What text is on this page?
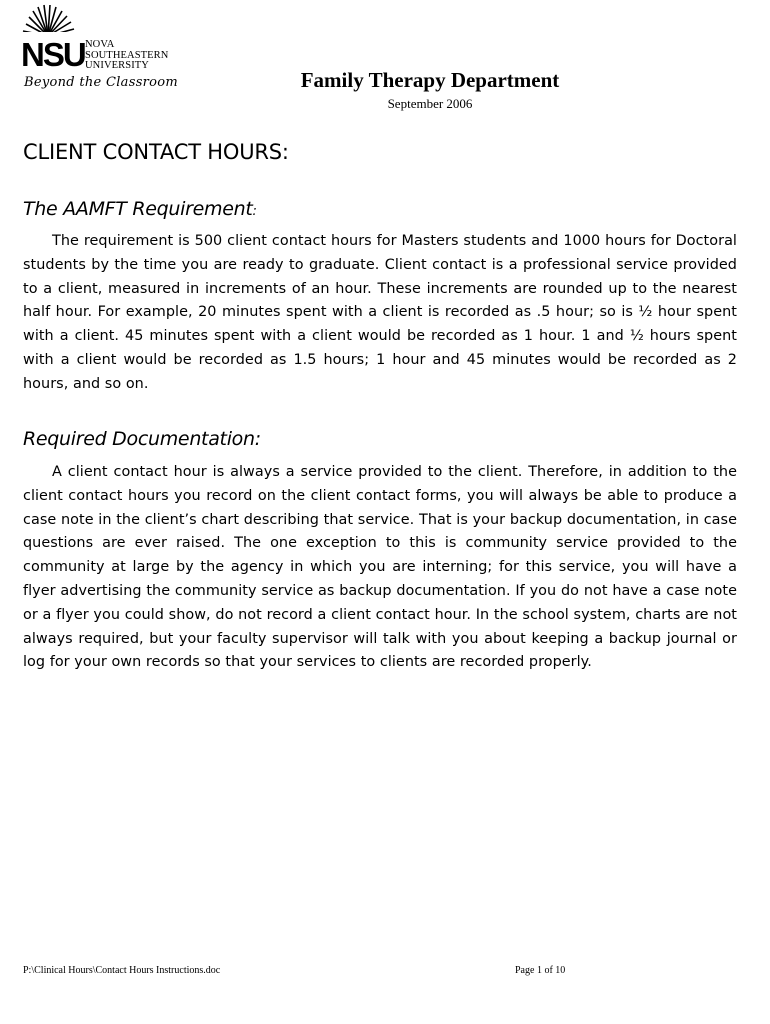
NSU NOVA
SOUTHEASTERN
UNIVERSITY
Beyond the Classroom	Family Therapy Department
September 2006
CLIENT CONTACT HOURS:
The AAMFT Requirement:

The requirement is 500 client contact hours for Masters students and 1000 hours for Doctoral students by the time you are ready to graduate. Client contact is a professional service provided to a client, measured in increments of an hour. These increments are rounded up to the nearest half hour. For example, 20 minutes spent with a client is recorded as .5 hour; so is ½ hour spent with a client. 45 minutes spent with a client would be recorded as 1 hour. 1 and ½ hours spent with a client would be recorded as 1.5 hours; 1 hour and 45 minutes would be recorded as 2 hours, and so on.

Required Documentation:

A client contact hour is always a service provided to the client. Therefore, in addition to the client contact hours you record on the client contact forms, you will always be able to produce a case note in the client’s chart describing that service. That is your backup documentation, in case questions are ever raised. The one exception to this is community service provided to the community at large by the agency in which you are interning; for this service, you will have a flyer advertising the community service as backup documentation. If you do not have a case note or a flyer you could show, do not record a client contact hour. In the school system, charts are not always required, but your faculty supervisor will talk with you about keeping a backup journal or log for your own records so that your services to clients are recorded properly.

P:\Clinical Hours\Contact Hours Instructions.doc	Page 1 of 10
